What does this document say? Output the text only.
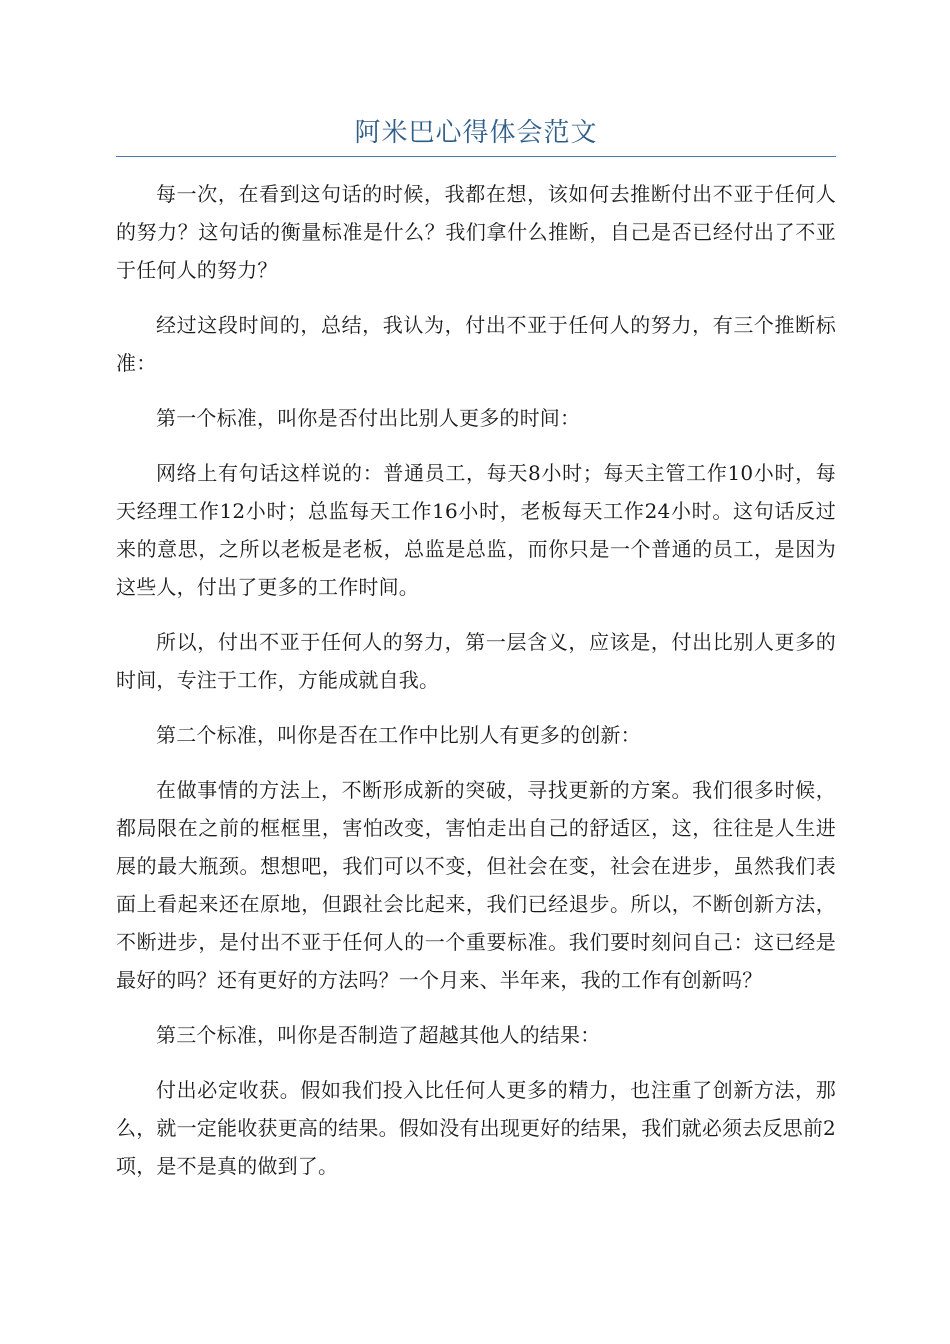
阿米巴心得体会范文

每一次，在看到这句话的时候，我都在想，该如何去推断付出不亚于任何人的努力？这句话的衡量标准是什么？我们拿什么推断，自己是否已经付出了不亚于任何人的努力？

经过这段时间的，总结，我认为，付出不亚于任何人的努力，有三个推断标准：

第一个标准，叫你是否付出比别人更多的时间：

网络上有句话这样说的：普通员工，每天8小时；每天主管工作10小时，每天经理工作12小时；总监每天工作16小时，老板每天工作24小时。这句话反过来的意思，之所以老板是老板，总监是总监，而你只是一个普通的员工，是因为这些人，付出了更多的工作时间。

所以，付出不亚于任何人的努力，第一层含义，应该是，付出比别人更多的时间，专注于工作，方能成就自我。

第二个标准，叫你是否在工作中比别人有更多的创新：

在做事情的方法上，不断形成新的突破，寻找更新的方案。我们很多时候，都局限在之前的框框里，害怕改变，害怕走出自己的舒适区，这，往往是人生进展的最大瓶颈。想想吧，我们可以不变，但社会在变，社会在进步，虽然我们表面上看起来还在原地，但跟社会比起来，我们已经退步。所以，不断创新方法，不断进步，是付出不亚于任何人的一个重要标准。我们要时刻问自己：这已经是最好的吗？还有更好的方法吗？一个月来、半年来，我的工作有创新吗？

第三个标准，叫你是否制造了超越其他人的结果：

付出必定收获。假如我们投入比任何人更多的精力，也注重了创新方法，那么，就一定能收获更高的结果。假如没有出现更好的结果，我们就必须去反思前2项，是不是真的做到了。
